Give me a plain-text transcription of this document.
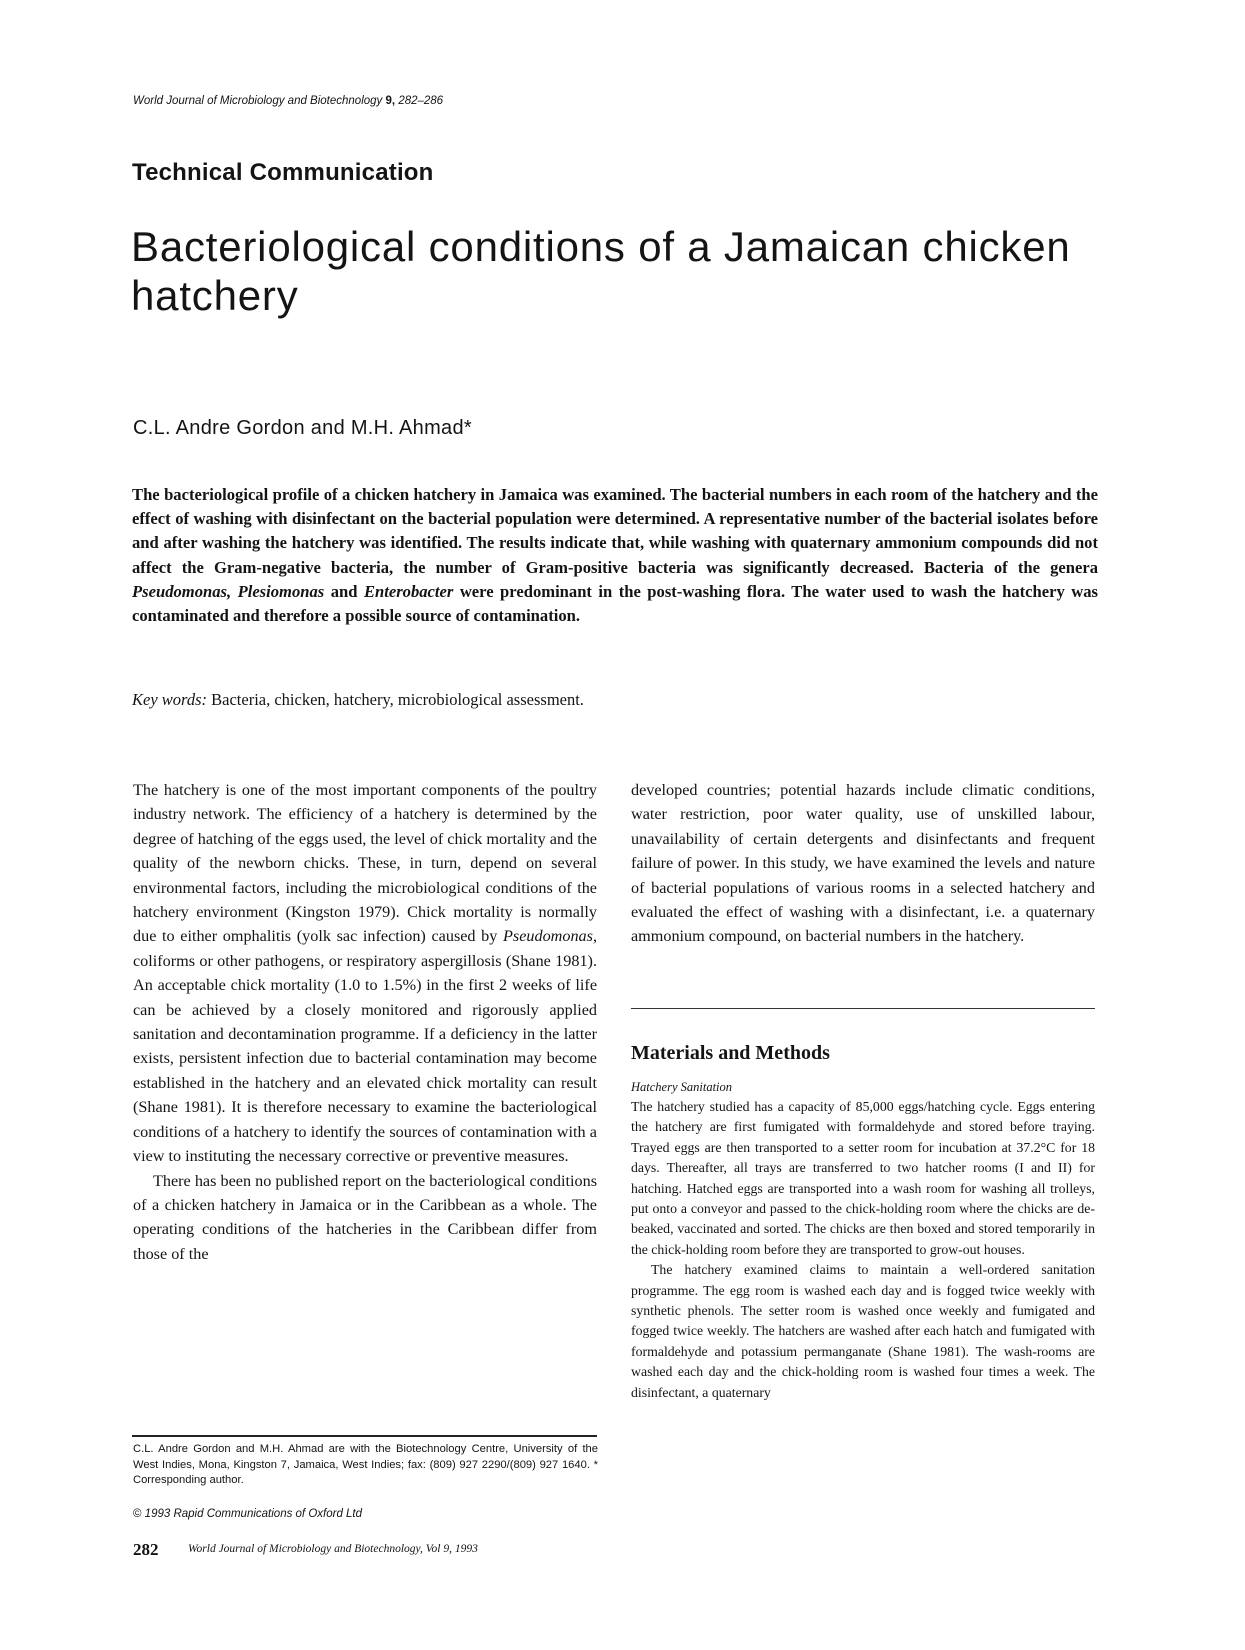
World Journal of Microbiology and Biotechnology 9, 282–286
Technical Communication
Bacteriological conditions of a Jamaican chicken hatchery
C.L. Andre Gordon and M.H. Ahmad*
The bacteriological profile of a chicken hatchery in Jamaica was examined. The bacterial numbers in each room of the hatchery and the effect of washing with disinfectant on the bacterial population were determined. A representative number of the bacterial isolates before and after washing the hatchery was identified. The results indicate that, while washing with quaternary ammonium compounds did not affect the Gram-negative bacteria, the number of Gram-positive bacteria was significantly decreased. Bacteria of the genera Pseudomonas, Plesiomonas and Enterobacter were predominant in the post-washing flora. The water used to wash the hatchery was contaminated and therefore a possible source of contamination.
Key words: Bacteria, chicken, hatchery, microbiological assessment.

The hatchery is one of the most important components of the poultry industry network. The efficiency of a hatchery is determined by the degree of hatching of the eggs used, the level of chick mortality and the quality of the newborn chicks. These, in turn, depend on several environmental factors, including the microbiological conditions of the hatchery environment (Kingston 1979). Chick mortality is normally due to either omphalitis (yolk sac infection) caused by Pseudomonas, coliforms or other pathogens, or respiratory aspergillosis (Shane 1981). An acceptable chick mortality (1.0 to 1.5%) in the first 2 weeks of life can be achieved by a closely monitored and rigorously applied sanitation and decontamination programme. If a deficiency in the latter exists, persistent infection due to bacterial contamination may become established in the hatchery and an elevated chick mortality can result (Shane 1981). It is therefore necessary to examine the bacteriological conditions of a hatchery to identify the sources of contamination with a view to instituting the necessary corrective or preventive measures.

There has been no published report on the bacteriological conditions of a chicken hatchery in Jamaica or in the Caribbean as a whole. The operating conditions of the hatcheries in the Caribbean differ from those of the

developed countries; potential hazards include climatic conditions, water restriction, poor water quality, use of unskilled labour, unavailability of certain detergents and disinfectants and frequent failure of power. In this study, we have examined the levels and nature of bacterial populations of various rooms in a selected hatchery and evaluated the effect of washing with a disinfectant, i.e. a quaternary ammonium compound, on bacterial numbers in the hatchery.
Materials and Methods
Hatchery Sanitation

The hatchery studied has a capacity of 85,000 eggs/hatching cycle. Eggs entering the hatchery are first fumigated with formaldehyde and stored before traying. Trayed eggs are then transported to a setter room for incubation at 37.2°C for 18 days. Thereafter, all trays are transferred to two hatcher rooms (I and II) for hatching. Hatched eggs are transported into a wash room for washing all trolleys, put onto a conveyor and passed to the chick-holding room where the chicks are de-beaked, vaccinated and sorted. The chicks are then boxed and stored temporarily in the chick-holding room before they are transported to grow-out houses.

The hatchery examined claims to maintain a well-ordered sanitation programme. The egg room is washed each day and is fogged twice weekly with synthetic phenols. The setter room is washed once weekly and fumigated and fogged twice weekly. The hatchers are washed after each hatch and fumigated with formaldehyde and potassium permanganate (Shane 1981). The wash-rooms are washed each day and the chick-holding room is washed four times a week. The disinfectant, a quaternary

C.L. Andre Gordon and M.H. Ahmad are with the Biotechnology Centre, University of the West Indies, Mona, Kingston 7, Jamaica, West Indies; fax: (809) 927 2290/(809) 927 1640. * Corresponding author.
© 1993 Rapid Communications of Oxford Ltd
282	World Journal of Microbiology and Biotechnology, Vol 9, 1993
